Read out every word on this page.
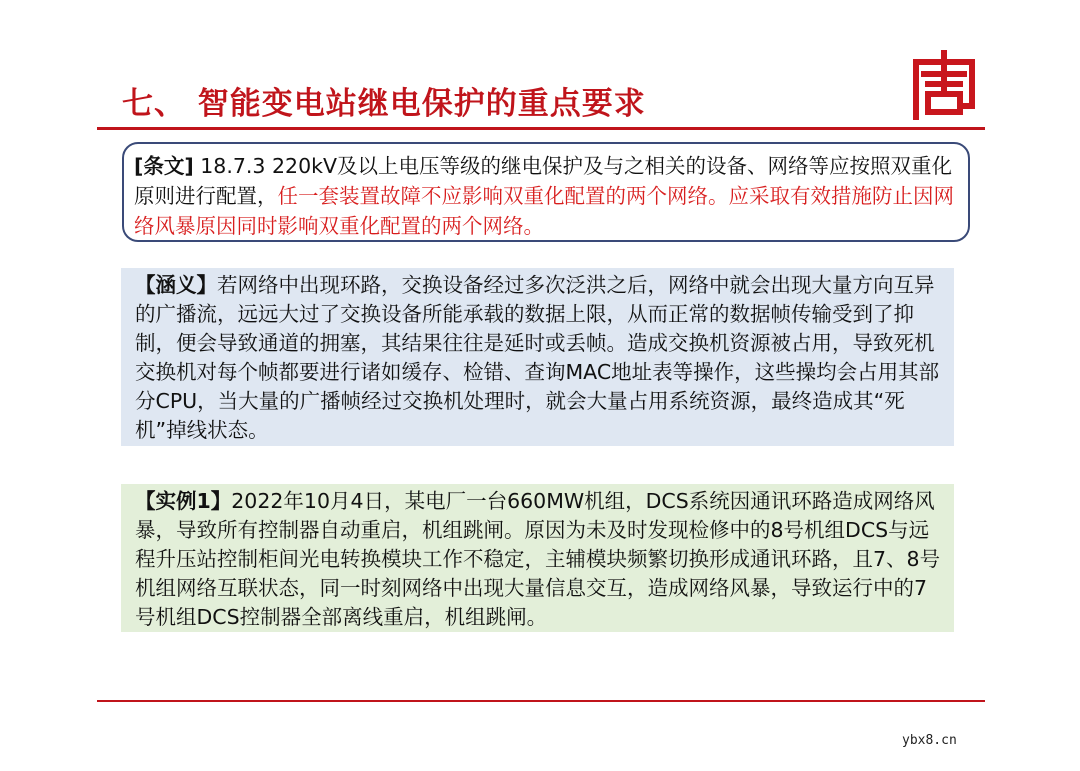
七、 智能变电站继电保护的重点要求
[条文] 18.7.3 220kV及以上电压等级的继电保护及与之相关的设备、网络等应按照双重化原则进行配置，任一套装置故障不应影响双重化配置的两个网络。应采取有效措施防止因网络风暴原因同时影响双重化配置的两个网络。
【涵义】若网络中出现环路，交换设备经过多次泛洪之后，网络中就会出现大量方向互异的广播流，远远大过了交换设备所能承载的数据上限，从而正常的数据帧传输受到了抑制，便会导致通道的拥塞，其结果往往是延时或丢帧。造成交换机资源被占用，导致死机交换机对每个帧都要进行诸如缓存、检错、查询MAC地址表等操作，这些操均会占用其部分CPU，当大量的广播帧经过交换机处理时，就会大量占用系统资源，最终造成其“死机”掉线状态。
【实例1】2022年10月4日，某电厂一台660MW机组，DCS系统因通讯环路造成网络风暴，导致所有控制器自动重启，机组跳闸。原因为未及时发现检修中的8号机组DCS与远程升压站控制柜间光电转换模块工作不稳定，主辅模块频繁切换形成通讯环路，且7、8号机组网络互联状态，同一时刻网络中出现大量信息交互，造成网络风暴，导致运行中的7号机组DCS控制器全部离线重启，机组跳闸。
ybx8.cn
